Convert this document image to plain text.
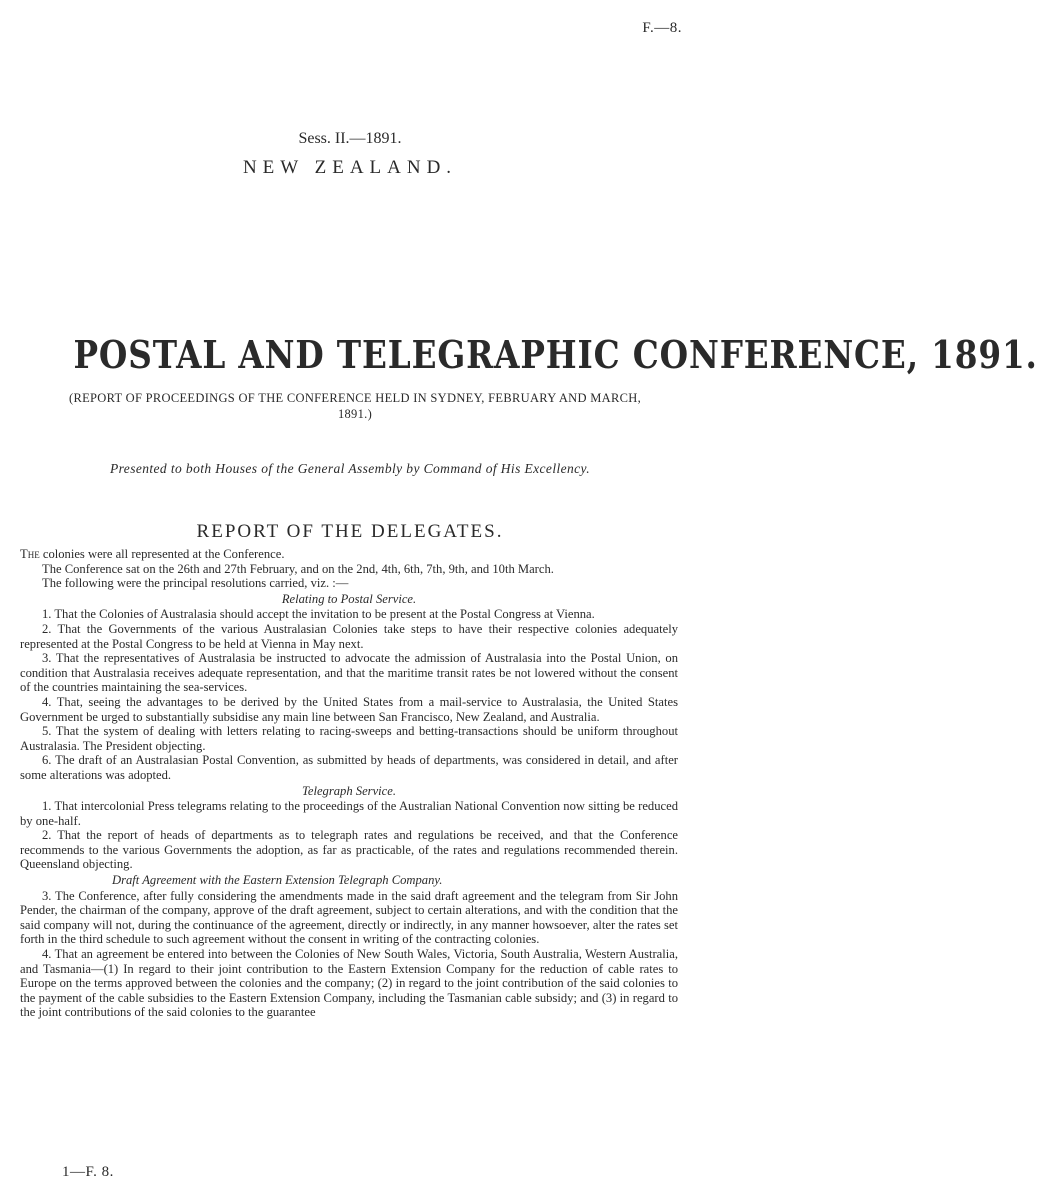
F.—8.
Sess. II.—1891.
NEW ZEALAND.
POSTAL AND TELEGRAPHIC CONFERENCE, 1891.
(REPORT OF PROCEEDINGS OF THE CONFERENCE HELD IN SYDNEY, FEBRUARY AND MARCH, 1891.)
Presented to both Houses of the General Assembly by Command of His Excellency.
REPORT OF THE DELEGATES.

The colonies were all represented at the Conference.

The Conference sat on the 26th and 27th February, and on the 2nd, 4th, 6th, 7th, 9th, and 10th March.

The following were the principal resolutions carried, viz. :—

Relating to Postal Service.

1. That the Colonies of Australasia should accept the invitation to be present at the Postal Congress at Vienna.

2. That the Governments of the various Australasian Colonies take steps to have their respective colonies adequately represented at the Postal Congress to be held at Vienna in May next.

3. That the representatives of Australasia be instructed to advocate the admission of Australasia into the Postal Union, on condition that Australasia receives adequate representation, and that the maritime transit rates be not lowered without the consent of the countries maintaining the sea-services.

4. That, seeing the advantages to be derived by the United States from a mail-service to Australasia, the United States Government be urged to substantially subsidise any main line between San Francisco, New Zealand, and Australia.

5. That the system of dealing with letters relating to racing-sweeps and betting-transactions should be uniform throughout Australasia. The President objecting.

6. The draft of an Australasian Postal Convention, as submitted by heads of departments, was considered in detail, and after some alterations was adopted.

Telegraph Service.

1. That intercolonial Press telegrams relating to the proceedings of the Australian National Convention now sitting be reduced by one-half.

2. That the report of heads of departments as to telegraph rates and regulations be received, and that the Conference recommends to the various Governments the adoption, as far as practicable, of the rates and regulations recommended therein. Queensland objecting.

Draft Agreement with the Eastern Extension Telegraph Company.

3. The Conference, after fully considering the amendments made in the said draft agreement and the telegram from Sir John Pender, the chairman of the company, approve of the draft agreement, subject to certain alterations, and with the condition that the said company will not, during the continuance of the agreement, directly or indirectly, in any manner howsoever, alter the rates set forth in the third schedule to such agreement without the consent in writing of the contracting colonies.

4. That an agreement be entered into between the Colonies of New South Wales, Victoria, South Australia, Western Australia, and Tasmania—(1) In regard to their joint contribution to the Eastern Extension Company for the reduction of cable rates to Europe on the terms approved between the colonies and the company; (2) in regard to the joint contribution of the said colonies to the payment of the cable subsidies to the Eastern Extension Company, including the Tasmanian cable subsidy; and (3) in regard to the joint contributions of the said colonies to the guarantee

1—F. 8.
